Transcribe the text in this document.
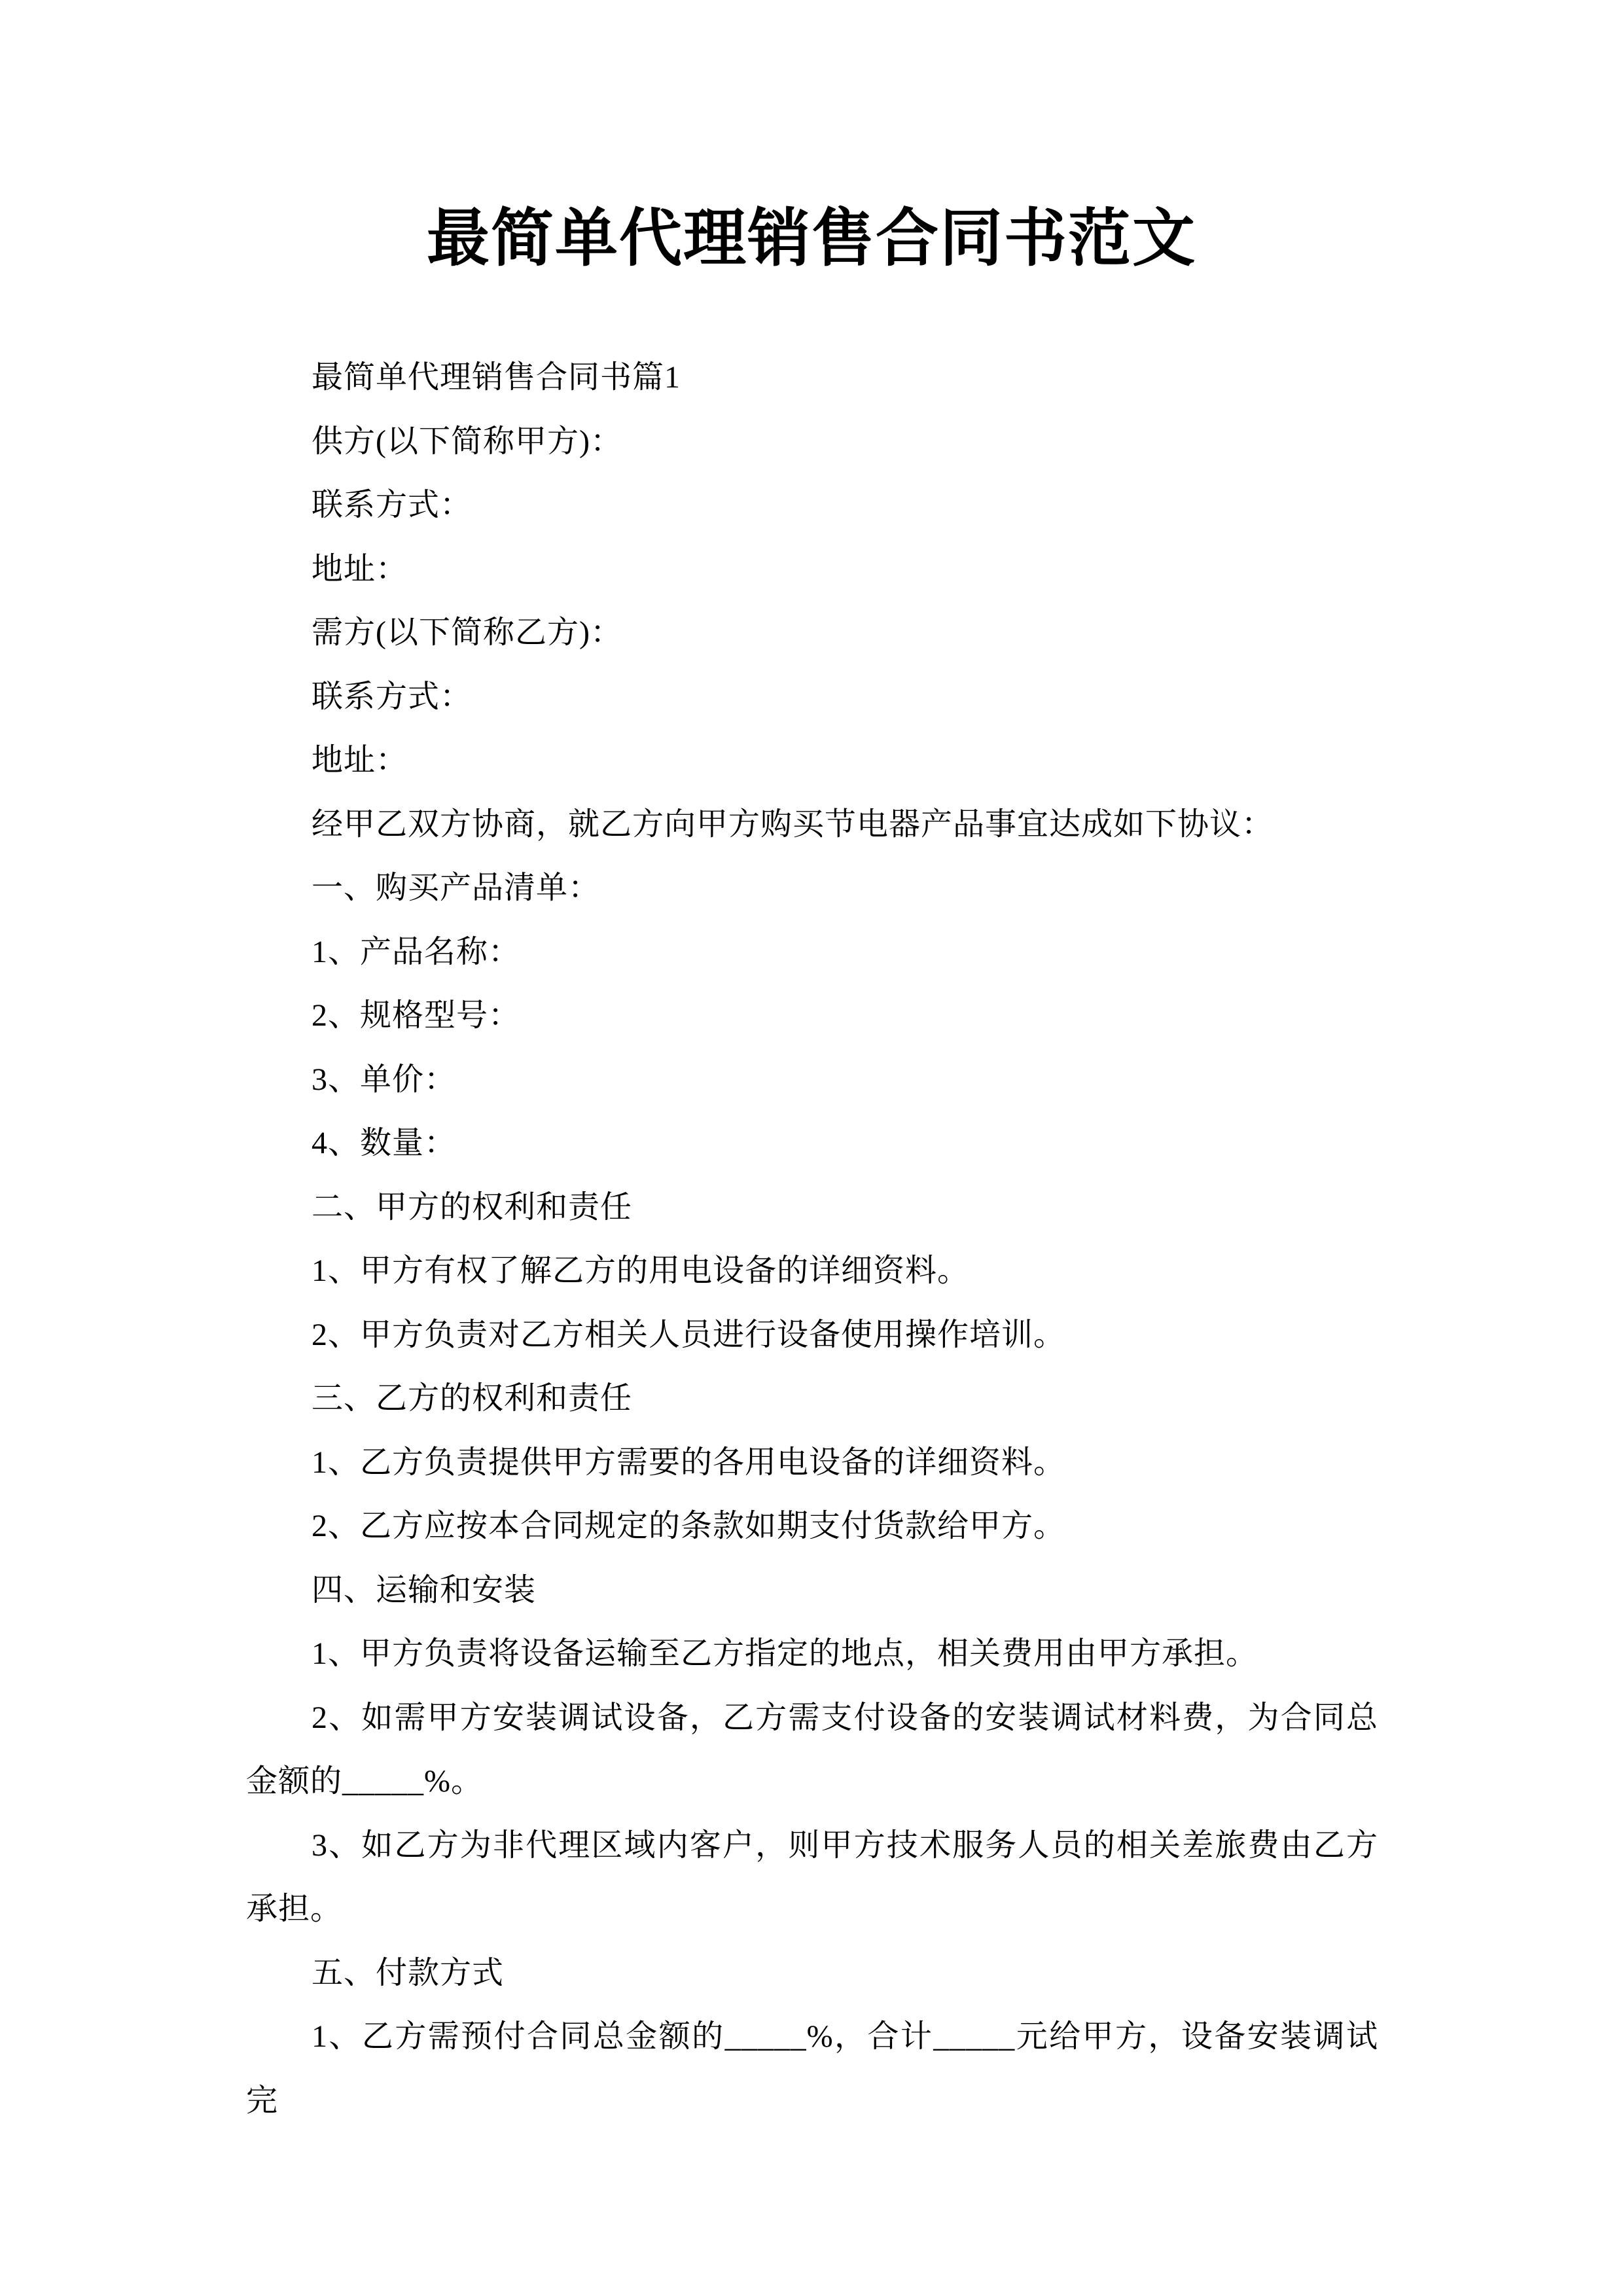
最简单代理销售合同书范文

最简单代理销售合同书篇1

供方(以下简称甲方)：

联系方式：

地址：

需方(以下简称乙方)：

联系方式：

地址：

经甲乙双方协商，就乙方向甲方购买节电器产品事宜达成如下协议：

一、购买产品清单：

1、产品名称：

2、规格型号：

3、单价：

4、数量：

二、甲方的权利和责任

1、甲方有权了解乙方的用电设备的详细资料。

2、甲方负责对乙方相关人员进行设备使用操作培训。

三、乙方的权利和责任

1、乙方负责提供甲方需要的各用电设备的详细资料。

2、乙方应按本合同规定的条款如期支付货款给甲方。

四、运输和安装

1、甲方负责将设备运输至乙方指定的地点，相关费用由甲方承担。

2、如需甲方安装调试设备，乙方需支付设备的安装调试材料费，为合同总金额的_____%。

3、如乙方为非代理区域内客户，则甲方技术服务人员的相关差旅费由乙方承担。

五、付款方式

1、乙方需预付合同总金额的_____%，合计_____元给甲方，设备安装调试完
